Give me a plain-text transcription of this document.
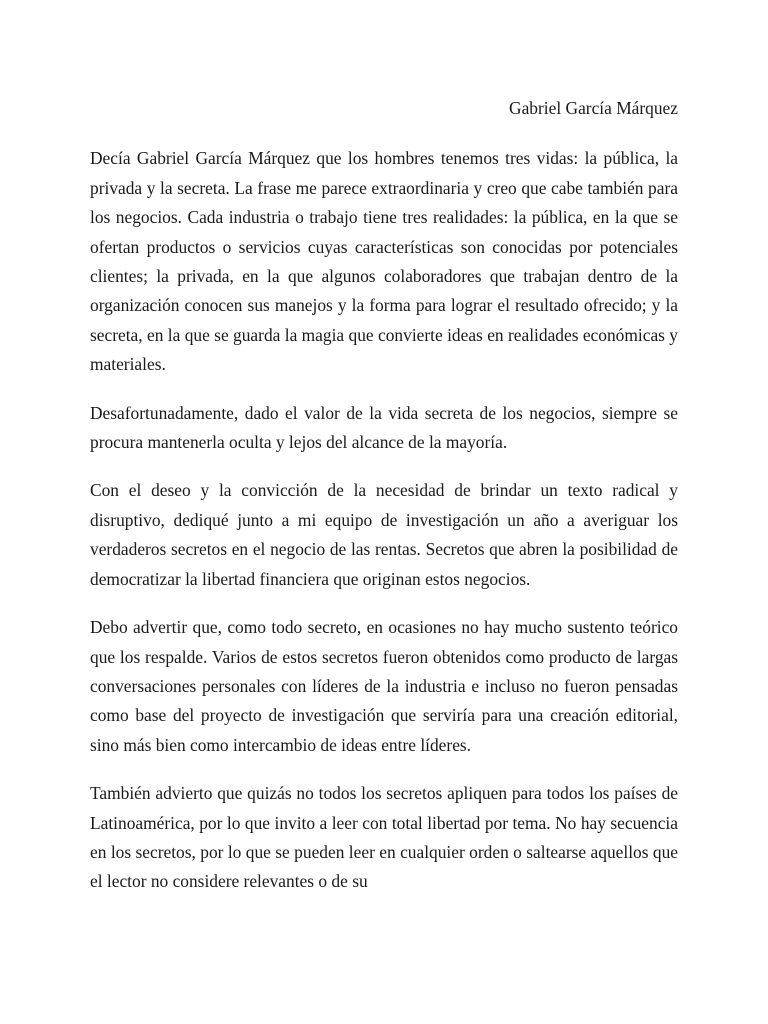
Gabriel García Márquez

Decía Gabriel García Márquez que los hombres tenemos tres vidas: la pública, la privada y la secreta. La frase me parece extraordinaria y creo que cabe también para los negocios. Cada industria o trabajo tiene tres realidades: la pública, en la que se ofertan productos o servicios cuyas características son conocidas por potenciales clientes; la privada, en la que algunos colaboradores que trabajan dentro de la organización conocen sus manejos y la forma para lograr el resultado ofrecido; y la secreta, en la que se guarda la magia que convierte ideas en realidades económicas y materiales.

Desafortunadamente, dado el valor de la vida secreta de los negocios, siempre se procura mantenerla oculta y lejos del alcance de la mayoría.

Con el deseo y la convicción de la necesidad de brindar un texto radical y disruptivo, dediqué junto a mi equipo de investigación un año a averiguar los verdaderos secretos en el negocio de las rentas. Secretos que abren la posibilidad de democratizar la libertad financiera que originan estos negocios.

Debo advertir que, como todo secreto, en ocasiones no hay mucho sustento teórico que los respalde. Varios de estos secretos fueron obtenidos como producto de largas conversaciones personales con líderes de la industria e incluso no fueron pensadas como base del proyecto de investigación que serviría para una creación editorial, sino más bien como intercambio de ideas entre líderes.

También advierto que quizás no todos los secretos apliquen para todos los países de Latinoamérica, por lo que invito a leer con total libertad por tema. No hay secuencia en los secretos, por lo que se pueden leer en cualquier orden o saltearse aquellos que el lector no considere relevantes o de su
